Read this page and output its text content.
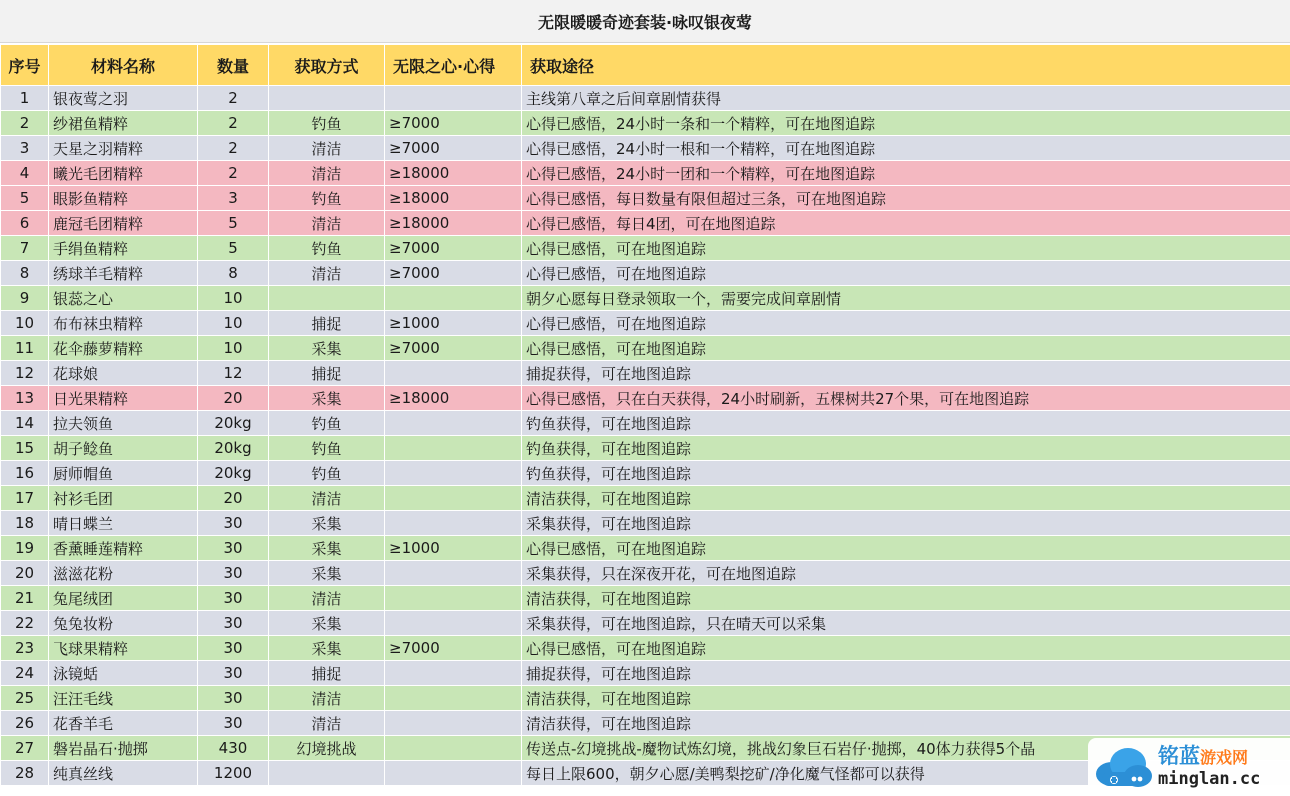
无限暖暖奇迹套装·咏叹银夜莺
序号	材料名称	数量	获取方式	无限之心·心得	获取途径
1	银夜莺之羽	2			主线第八章之后间章剧情获得
2	纱裙鱼精粹	2	钓鱼	≥7000	心得已感悟，24小时一条和一个精粹，可在地图追踪
3	天星之羽精粹	2	清洁	≥7000	心得已感悟，24小时一根和一个精粹，可在地图追踪
4	曦光毛团精粹	2	清洁	≥18000	心得已感悟，24小时一团和一个精粹，可在地图追踪
5	眼影鱼精粹	3	钓鱼	≥18000	心得已感悟，每日数量有限但超过三条，可在地图追踪
6	鹿冠毛团精粹	5	清洁	≥18000	心得已感悟，每日4团，可在地图追踪
7	手绢鱼精粹	5	钓鱼	≥7000	心得已感悟，可在地图追踪
8	绣球羊毛精粹	8	清洁	≥7000	心得已感悟，可在地图追踪
9	银蕊之心	10			朝夕心愿每日登录领取一个，需要完成间章剧情
10	布布袜虫精粹	10	捕捉	≥1000	心得已感悟，可在地图追踪
11	花伞藤萝精粹	10	采集	≥7000	心得已感悟，可在地图追踪
12	花球娘	12	捕捉		捕捉获得，可在地图追踪
13	日光果精粹	20	采集	≥18000	心得已感悟，只在白天获得，24小时刷新，五棵树共27个果，可在地图追踪
14	拉夫领鱼	20kg	钓鱼		钓鱼获得，可在地图追踪
15	胡子鲶鱼	20kg	钓鱼		钓鱼获得，可在地图追踪
16	厨师帽鱼	20kg	钓鱼		钓鱼获得，可在地图追踪
17	衬衫毛团	20	清洁		清洁获得，可在地图追踪
18	晴日蝶兰	30	采集		采集获得，可在地图追踪
19	香薰睡莲精粹	30	采集	≥1000	心得已感悟，可在地图追踪
20	滋滋花粉	30	采集		采集获得，只在深夜开花，可在地图追踪
21	兔尾绒团	30	清洁		清洁获得，可在地图追踪
22	兔兔妆粉	30	采集		采集获得，可在地图追踪，只在晴天可以采集
23	飞球果精粹	30	采集	≥7000	心得已感悟，可在地图追踪
24	泳镜蛞	30	捕捉		捕捉获得，可在地图追踪
25	汪汪毛线	30	清洁		清洁获得，可在地图追踪
26	花香羊毛	30	清洁		清洁获得，可在地图追踪
27	磐岩晶石·抛掷	430	幻境挑战		传送点-幻境挑战-魔物试炼幻境，挑战幻象巨石岩仔·抛掷，40体力获得5个晶
28	纯真丝线	1200			每日上限600，朝夕心愿/美鸭梨挖矿/净化魔气怪都可以获得
铭蓝游戏网
minglan.cc
